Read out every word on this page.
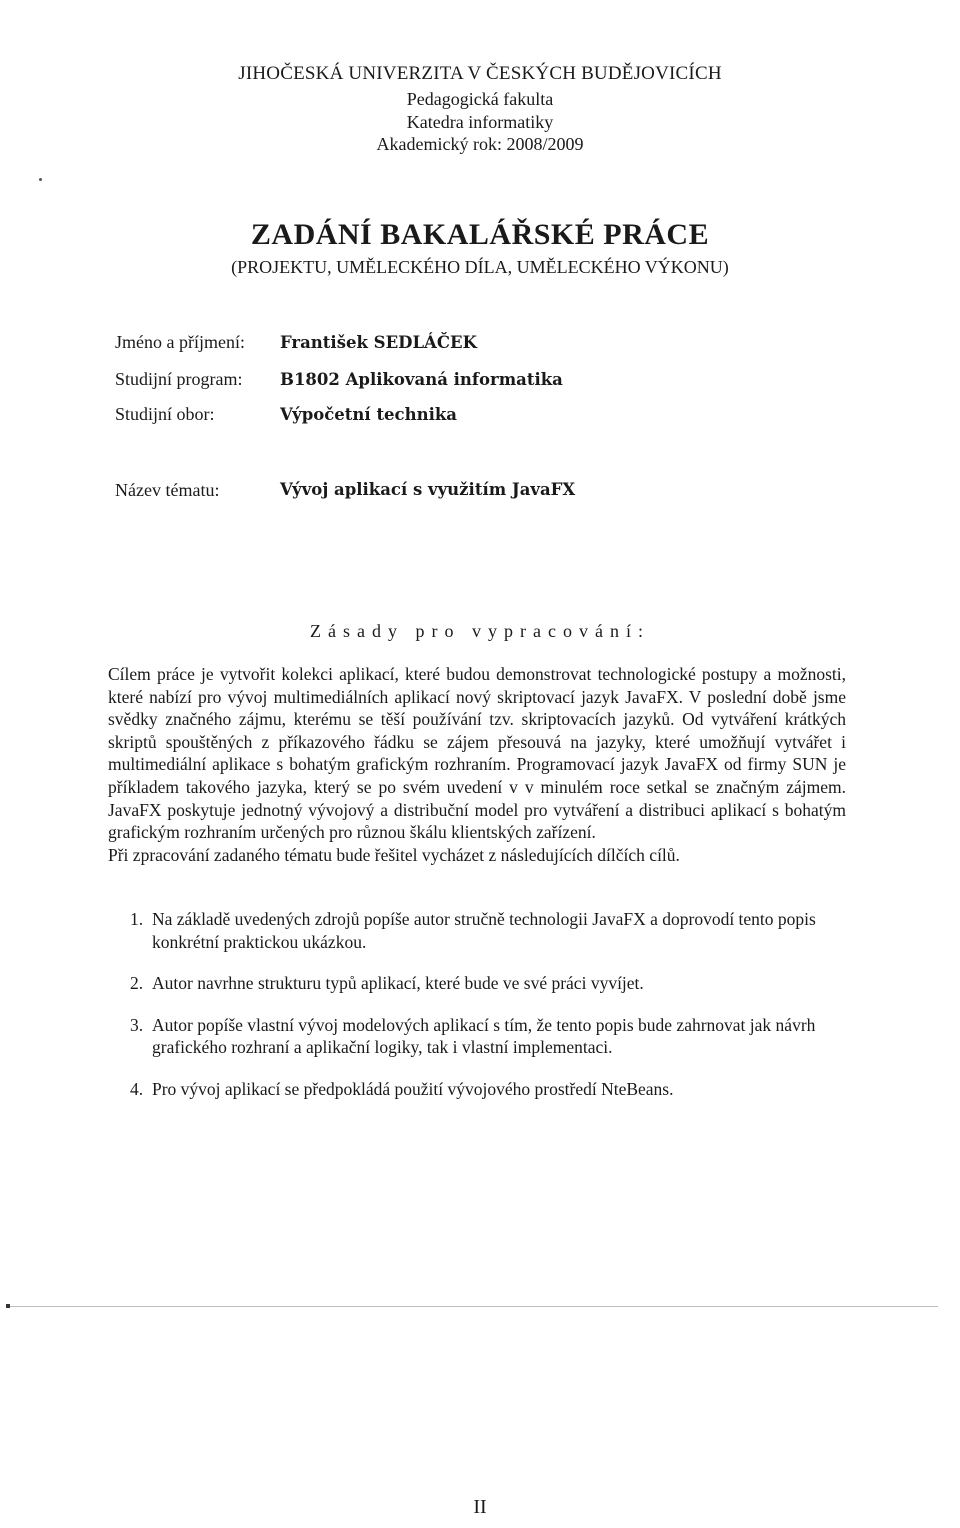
JIHOČESKÁ UNIVERZITA V ČESKÝCH BUDĚJOVICÍCH
Pedagogická fakulta
Katedra informatiky
Akademický rok: 2008/2009
ZADÁNÍ BAKALÁŘSKÉ PRÁCE
(PROJEKTU, UMĚLECKÉHO DÍLA, UMĚLECKÉHO VÝKONU)
Jméno a příjmení: František SEDLÁČEK
Studijní program: B1802 Aplikovaná informatika
Studijní obor:	Výpočetní technika
Název tématu:	Vývoj aplikací s využitím JavaFX
Zásady pro vypracování:

Cílem práce je vytvořit kolekci aplikací, které budou demonstrovat technologické postupy a možnosti, které nabízí pro vývoj multimediálních aplikací nový skriptovací jazyk JavaFX. V poslední době jsme svědky značného zájmu, kterému se těší používání tzv. skriptovacích jazyků. Od vytváření krátkých skriptů spouštěných z příkazového řádku se zájem přesouvá na jazyky, které umožňují vytvářet i multimediální aplikace s bohatým grafickým rozhraním. Programovací jazyk JavaFX od firmy SUN je příkladem takového jazyka, který se po svém uvedení v v minulém roce setkal se značným zájmem. JavaFX poskytuje jednotný vývojový a distribuční model pro vytváření a distribuci aplikací s bohatým grafickým rozhraním určených pro různou škálu klientských zařízení.

Při zpracování zadaného tématu bude řešitel vycházet z následujících dílčích cílů.

1. Na základě uvedených zdrojů popíše autor stručně technologii JavaFX a doprovodí tento popis konkrétní praktickou ukázkou.
2. Autor navrhne strukturu typů aplikací, které bude ve své práci vyvíjet.
3. Autor popíše vlastní vývoj modelových aplikací s tím, že tento popis bude zahrnovat jak návrh grafického rozhraní a aplikační logiky, tak i vlastní implementaci.
4. Pro vývoj aplikací se předpokládá použití vývojového prostředí NteBeans.
II
